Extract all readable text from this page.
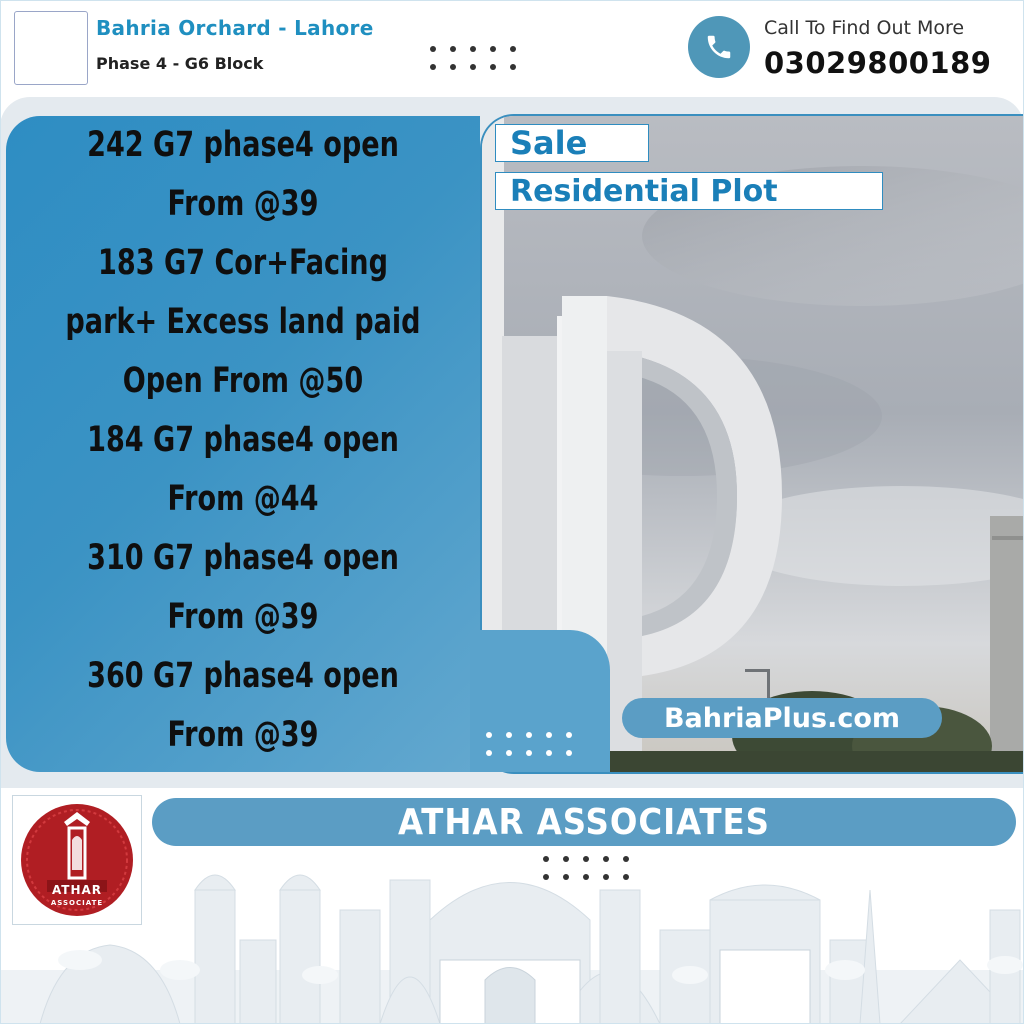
Bahria Orchard - Lahore
Phase 4 - G6 Block
Call To Find Out More
03029800189
242 G7 phase4 open
From @39
183 G7 Cor+Facing
park+ Excess land paid
Open From @50
184 G7 phase4 open
From @44
310 G7 phase4 open
From @39
360 G7 phase4 open
From @39
Sale
Residential Plot
BahriaPlus.com
ATHAR
ASSOCIATE
ATHAR ASSOCIATES
